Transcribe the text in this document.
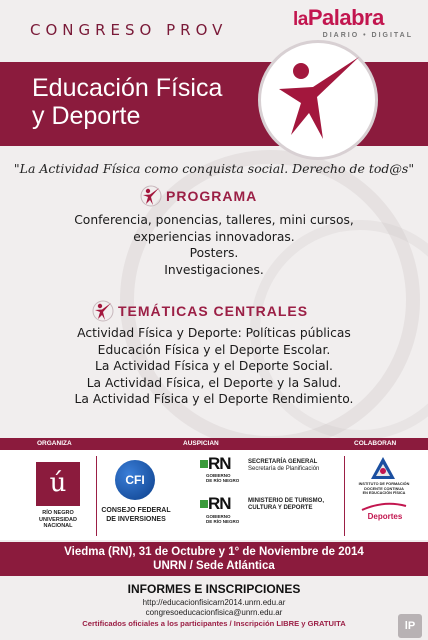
CONGRESO PROV
Educación Física
y Deporte
laPalabra
DIARIO • DIGITAL
"La Actividad Física como conquista social. Derecho de tod@s"
PROGRAMA
Conferencia, ponencias, talleres, mini cursos,
experiencias innovadoras.
Posters.
Investigaciones.
TEMÁTICAS CENTRALES
Actividad Física y Deporte: Políticas públicas
Educación Física y el Deporte Escolar.
La Actividad Física y el Deporte Social.
La Actividad Física, el Deporte y la Salud.
La Actividad Física y el Deporte Rendimiento.
ORGANIZA	AUSPICIAN	COLABORAN
ú
RÍO NEGRO
UNIVERSIDAD
NACIONAL
CFI
CONSEJO FEDERAL
DE INVERSIONES
RN
GOBIERNO
DE RÍO NEGRO
SECRETARÍA GENERAL
Secretaría de Planificación
RN
GOBIERNO
DE RÍO NEGRO
MINISTERIO DE TURISMO,
CULTURA Y DEPORTE
INSTITUTO DE FORMACIÓN
DOCENTE CONTINUA
EN EDUCACIÓN FÍSICA
Deportes
Viedma (RN), 31 de Octubre y 1° de Noviembre de 2014
UNRN / Sede Atlántica
INFORMES E INSCRIPCIONES
http://educacionfisicarn2014.unrn.edu.ar
congresoeducacionfisica@unrn.edu.ar
Certificados oficiales a los participantes / Inscripción LIBRE y GRATUITA	lP
